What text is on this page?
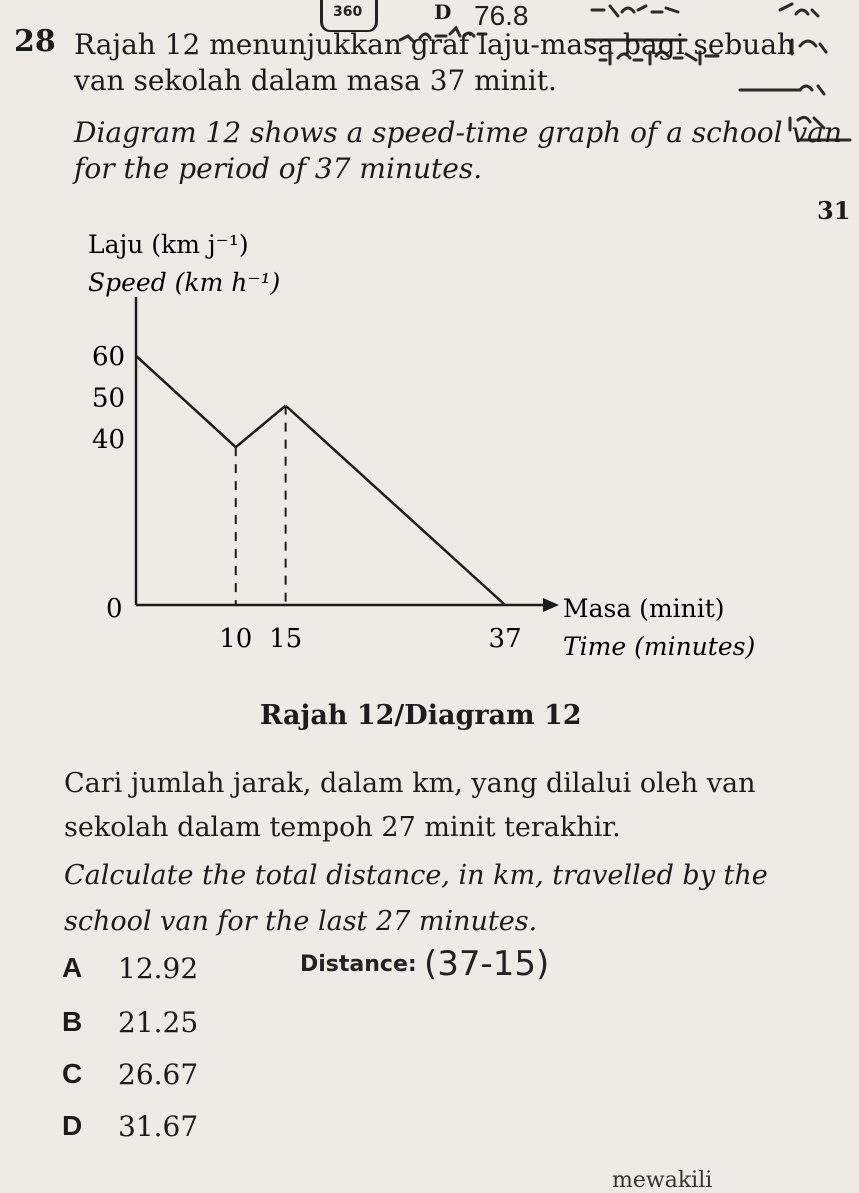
360	D 76.8
28 Rajah 12 menunjukkan graf laju-masa bagi sebuah
van sekolah dalam masa 37 minit.
Diagram 12 shows a speed-time graph of a school van
for the period of 37 minutes.
31
Laju (km j⁻¹)
Speed (km h⁻¹)
Masa (minit)
Time (minutes)
0
60
50
40
10 15	37
Rajah 12/Diagram 12
Cari jumlah jarak, dalam km, yang dilalui oleh van
sekolah dalam tempoh 27 minit terakhir.
Calculate the total distance, in km, travelled by the
school van for the last 27 minutes.
A 12.92
B 21.25
C 26.67
D 31.67
Distance: (37-15)
mewakili
